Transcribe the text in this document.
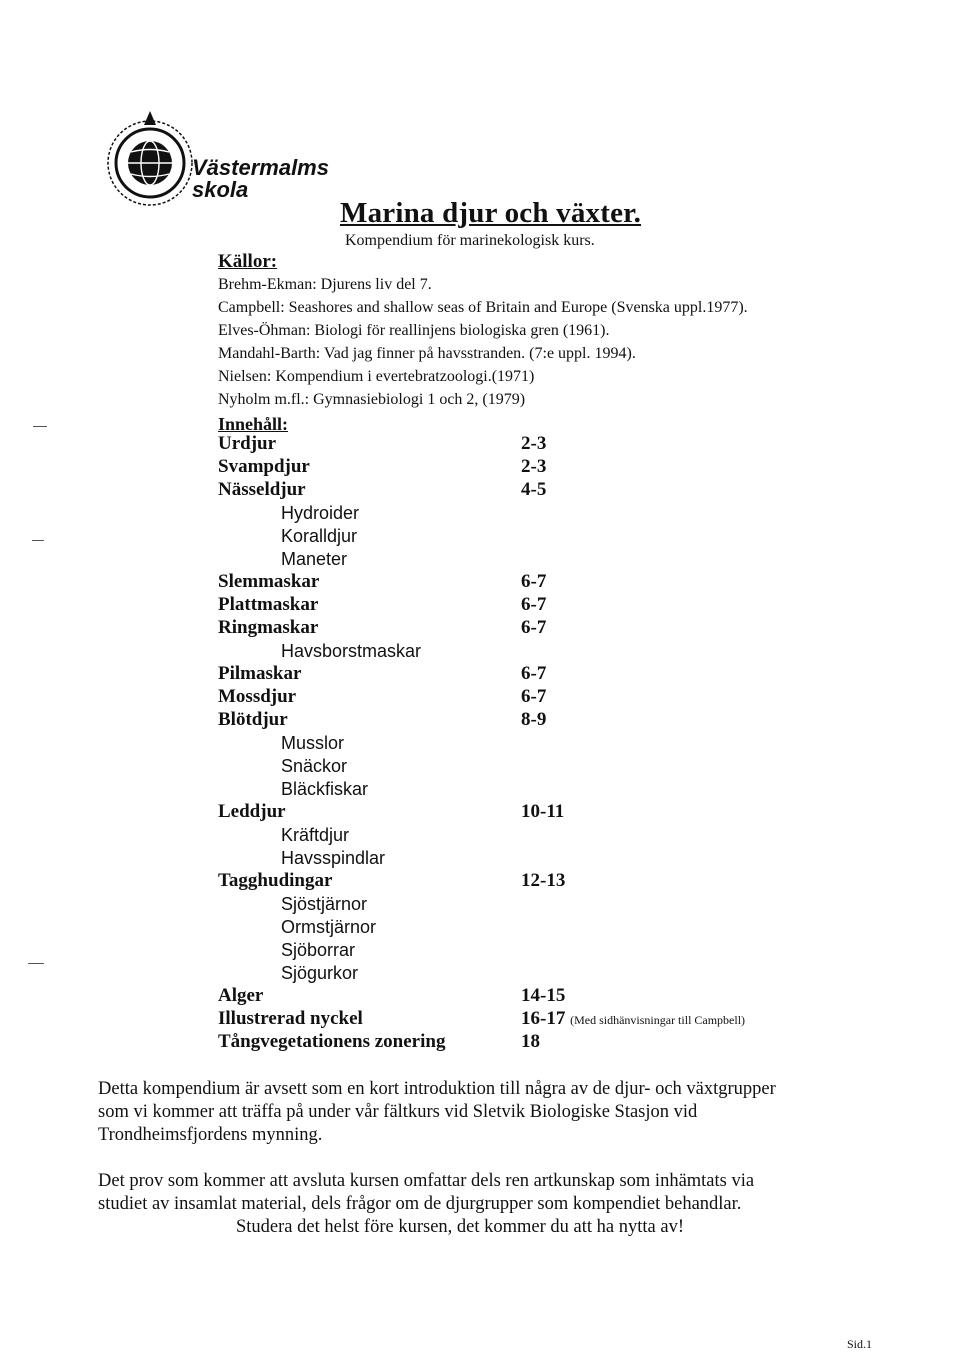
Västermalms
skola
Marina djur och växter.
Kompendium för marinekologisk kurs.
Källor:
Brehm-Ekman: Djurens liv del 7.
Campbell: Seashores and shallow seas of Britain and Europe (Svenska uppl.1977).
Elves-Öhman: Biologi för reallinjens biologiska gren (1961).
Mandahl-Barth: Vad jag finner på havsstranden. (7:e uppl. 1994).
Nielsen: Kompendium i evertebratzoologi.(1971)
Nyholm m.fl.: Gymnasiebiologi 1 och 2, (1979)
Innehåll:
Urdjur	2-3
Svampdjur	2-3
Nässeldjur	4-5
Hydroider
Koralldjur
Maneter
Slemmaskar	6-7
Plattmaskar	6-7
Ringmaskar	6-7
Havsborstmaskar
Pilmaskar	6-7
Mossdjur	6-7
Blötdjur	8-9
Musslor
Snäckor
Bläckfiskar
Leddjur	10-11
Kräftdjur
Havsspindlar
Tagghudingar	12-13
Sjöstjärnor
Ormstjärnor
Sjöborrar
Sjögurkor
Alger	14-15
Illustrerad nyckel	16-17 (Med sidhänvisningar till Campbell)
Tångvegetationens zonering	18
Detta kompendium är avsett som en kort introduktion till några av de djur- och växtgrupper
som vi kommer att träffa på under vår fältkurs vid Sletvik Biologiske Stasjon vid
Trondheimsfjordens mynning.
Det prov som kommer att avsluta kursen omfattar dels ren artkunskap som inhämtats via
studiet av insamlat material, dels frågor om de djurgrupper som kompendiet behandlar.
Studera det helst före kursen, det kommer du att ha nytta av!
Sid.1
